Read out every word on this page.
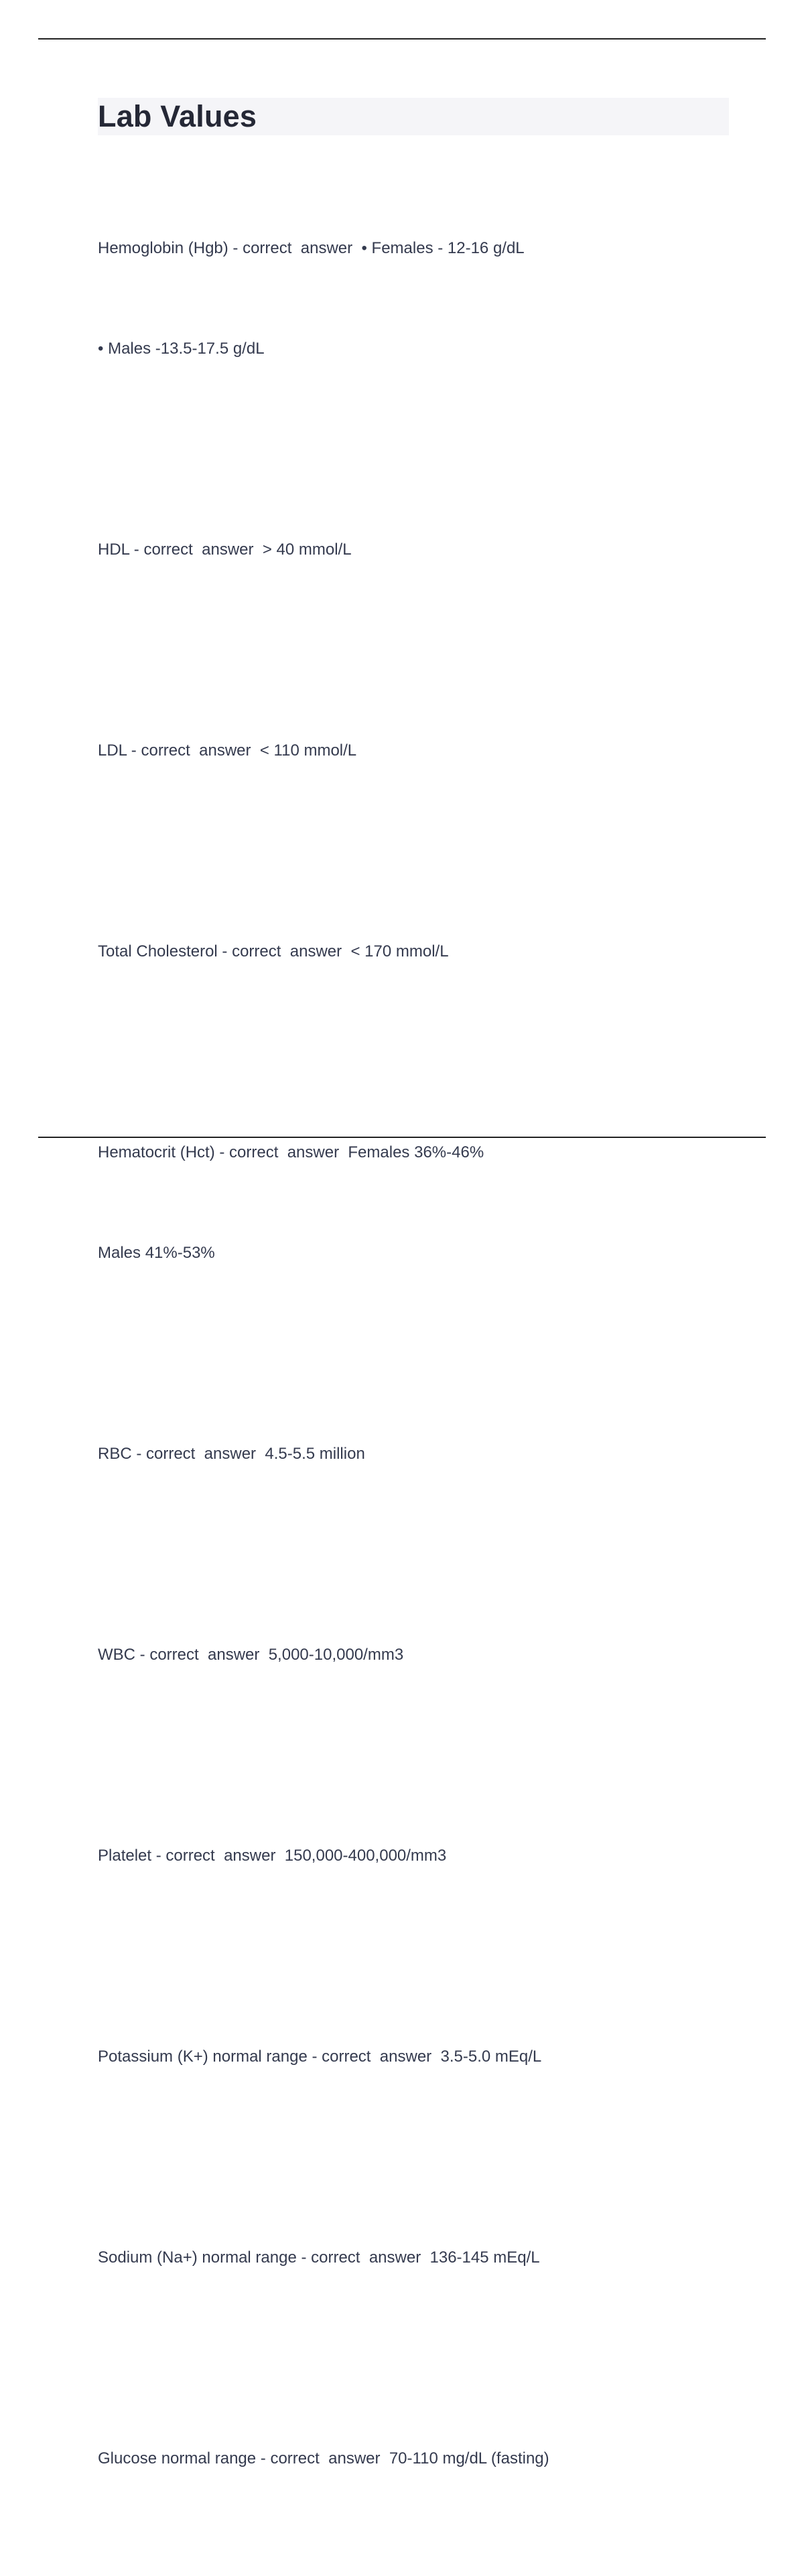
Lab Values

Hemoglobin (Hgb) - correct  answer  • Females - 12-16 g/dL

• Males -13.5-17.5 g/dL

HDL - correct  answer  > 40 mmol/L

LDL - correct  answer  < 110 mmol/L

Total Cholesterol - correct  answer  < 170 mmol/L

Hematocrit (Hct) - correct  answer  Females 36%-46%

Males 41%-53%

RBC - correct  answer  4.5-5.5 million

WBC - correct  answer  5,000-10,000/mm3

Platelet - correct  answer  150,000-400,000/mm3

Potassium (K+) normal range - correct  answer  3.5-5.0 mEq/L

Sodium (Na+) normal range - correct  answer  136-145 mEq/L

Glucose normal range - correct  answer  70-110 mg/dL (fasting)
